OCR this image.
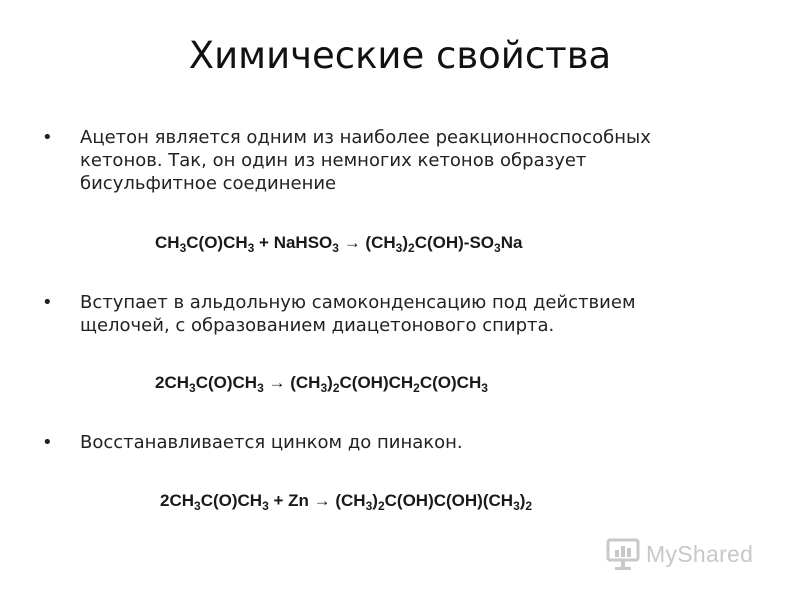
Химические свойства
• Ацетон является одним из наиболее реакционноспособных кетонов. Так, он один из немногих кетонов образует бисульфитное соединение
$CH_3C(O)CH_3$ + NaHSO$_3$ → $(CH_3)_2C(OH)-SO_3Na$
• Вступает в альдольную самоконденсацию под действием щелочей, с образованием диацетонового спирта.
$2CH_3C(O)CH_3 \to (CH_3)_2C(OH)CH_2C(O)CH_3$
• Восстанавливается цинком до пинакон.
$2CH_3C(O)CH_3 + Zn \to (CH_3)_2C(OH)C(OH)(CH_3)_2$
MyShared
